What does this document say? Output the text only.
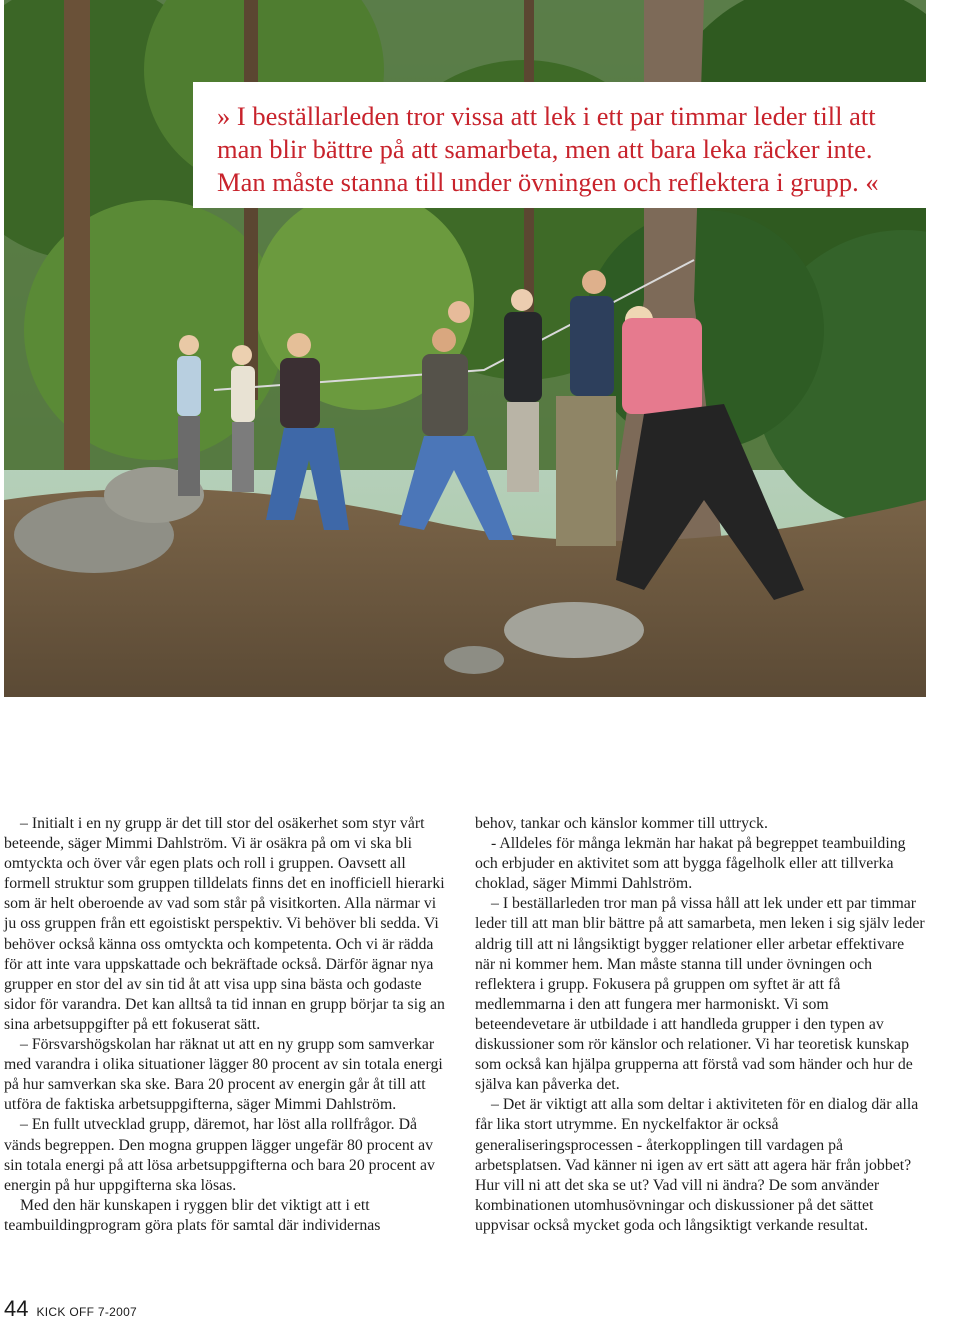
» I beställarleden tror vissa att lek i ett par timmar leder till att man blir bättre på att samarbeta, men att bara leka räcker inte. Man måste stanna till under övningen och reflektera i grupp. «

– Initialt i en ny grupp är det till stor del osäkerhet som styr vårt beteende, säger Mimmi Dahlström. Vi är osäkra på om vi ska bli omtyckta och över vår egen plats och roll i gruppen. Oavsett all formell struktur som gruppen tilldelats finns det en inofficiell hierarki som är helt oberoende av vad som står på visitkorten. Alla närmar vi ju oss gruppen från ett egoistiskt perspektiv. Vi behöver bli sedda. Vi behöver också känna oss omtyckta och kompetenta. Och vi är rädda för att inte vara uppskattade och bekräftade också. Därför ägnar nya grupper en stor del av sin tid åt att visa upp sina bästa och godaste sidor för varandra. Det kan alltså ta tid innan en grupp börjar ta sig an sina arbetsuppgifter på ett fokuserat sätt.

– Försvarshögskolan har räknat ut att en ny grupp som samverkar med varandra i olika situationer lägger 80 procent av sin totala energi på hur samverkan ska ske. Bara 20 procent av energin går åt till att utföra de faktiska arbetsuppgifterna, säger Mimmi Dahlström.

– En fullt utvecklad grupp, däremot, har löst alla rollfrågor. Då vänds begreppen. Den mogna gruppen lägger ungefär 80 procent av sin totala energi på att lösa arbetsuppgifterna och bara 20 procent av energin på hur uppgifterna ska lösas.

Med den här kunskapen i ryggen blir det viktigt att i ett teambuildingprogram göra plats för samtal där individernas

behov, tankar och känslor kommer till uttryck.

- Alldeles för många lekmän har hakat på begreppet teambuilding och erbjuder en aktivitet som att bygga fågelholk eller att tillverka choklad, säger Mimmi Dahlström.

– I beställarleden tror man på vissa håll att lek under ett par timmar leder till att man blir bättre på att samarbeta, men leken i sig själv leder aldrig till att ni långsiktigt bygger relationer eller arbetar effektivare när ni kommer hem. Man måste stanna till under övningen och reflektera i grupp. Fokusera på gruppen om syftet är att få medlemmarna i den att fungera mer harmoniskt. Vi som beteendevetare är utbildade i att handleda grupper i den typen av diskussioner som rör känslor och relationer. Vi har teoretisk kunskap som också kan hjälpa grupperna att förstå vad som händer och hur de själva kan påverka det.

– Det är viktigt att alla som deltar i aktiviteten för en dialog där alla får lika stort utrymme. En nyckelfaktor är också generaliseringsprocessen - återkopplingen till vardagen på arbetsplatsen. Vad känner ni igen av ert sätt att agera här från jobbet? Hur vill ni att det ska se ut? Vad vill ni ändra? De som använder kombinationen utomhusövningar och diskussioner på det sättet uppvisar också mycket goda och långsiktigt verkande resultat.

44 KICK OFF 7-2007
